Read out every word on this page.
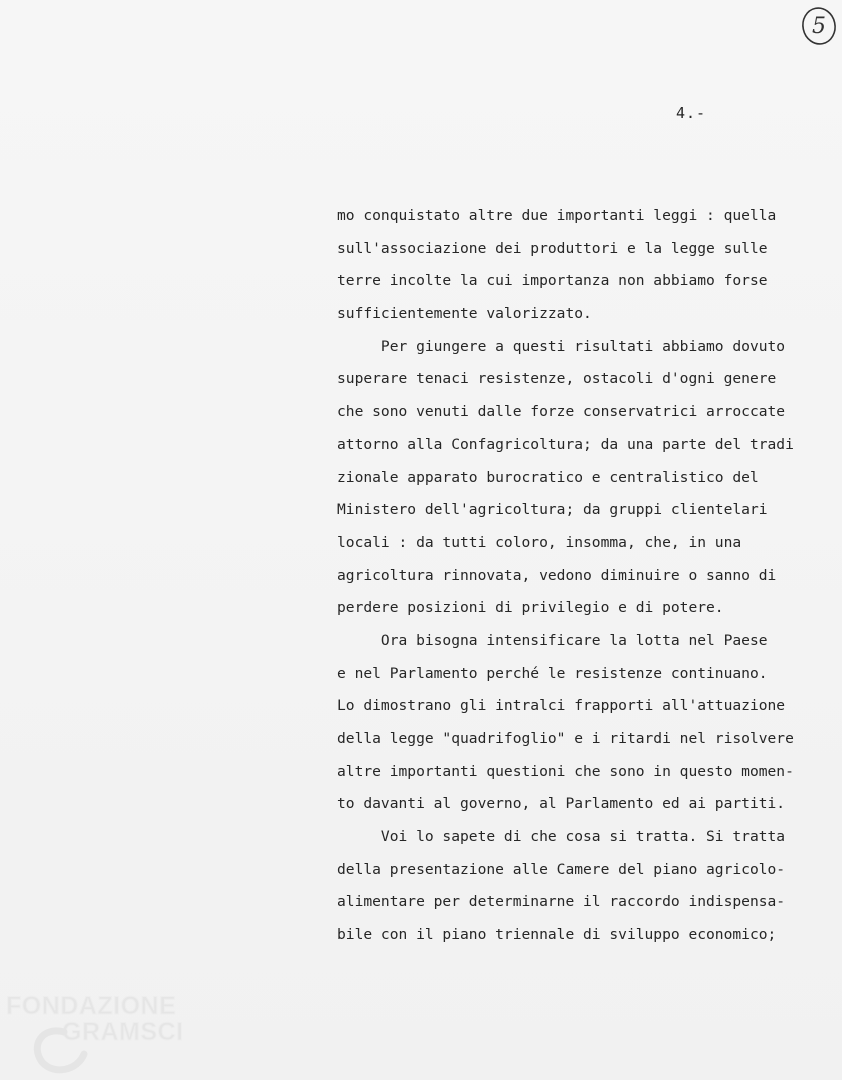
5
4.-
mo conquistato altre due importanti leggi : quella
sull'associazione dei produttori e la legge sulle
terre incolte la cui importanza non abbiamo forse
sufficientemente valorizzato.
Per giungere a questi risultati abbiamo dovuto
superare tenaci resistenze, ostacoli d'ogni genere
che sono venuti dalle forze conservatrici arroccate
attorno alla Confagricoltura; da una parte del tradi
zionale apparato burocratico e centralistico del
Ministero dell'agricoltura; da gruppi clientelari
locali : da tutti coloro, insomma, che, in una
agricoltura rinnovata, vedono diminuire o sanno di
perdere posizioni di privilegio e di potere.
Ora bisogna intensificare la lotta nel Paese
e nel Parlamento perché le resistenze continuano.
Lo dimostrano gli intralci frapporti all'attuazione
della legge "quadrifoglio" e i ritardi nel risolvere
altre importanti questioni che sono in questo momen-
to davanti al governo, al Parlamento ed ai partiti.
Voi lo sapete di che cosa si tratta. Si tratta
della presentazione alle Camere del piano agricolo-
alimentare per determinarne il raccordo indispensa-
bile con il piano triennale di sviluppo economico;
FONDAZIONE
GRAMSCI
